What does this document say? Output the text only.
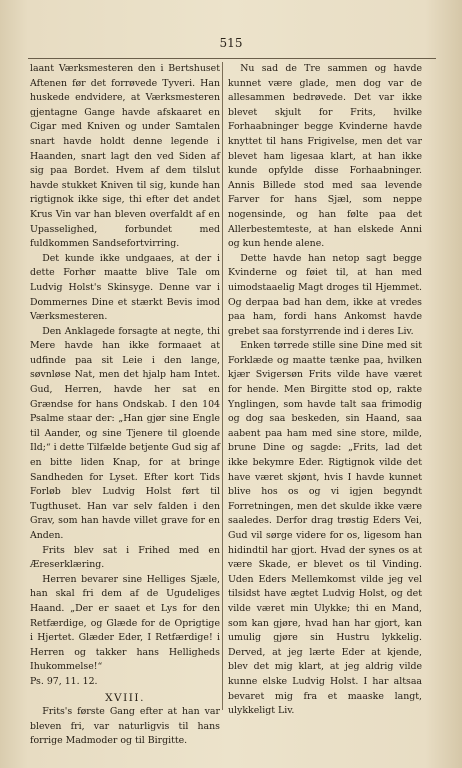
515

laant Værksmesteren den i Bertshuset Aftenen før det forrøvede Tyveri. Han huskede endvidere, at Værksmesteren gjentagne Gange havde afskaaret en Cigar med Kniven og under Samtalen snart havde holdt denne legende i Haanden, snart lagt den ved Siden af sig paa Bordet. Hvem af dem tilslut havde stukket Kniven til sig, kunde han rigtignok ikke sige, thi efter det andet Krus Vin var han bleven overfaldt af en Upasselighed, forbundet med fuldkommen Sandsefortvirring.

Det kunde ikke undgaaes, at der i dette Forhør maatte blive Tale om Ludvig Holst's Skinsyge. Denne var i Dommernes Dine et stærkt Bevis imod Værksmesteren.

Den Anklagede forsagte at negte, thi Mere havde han ikke formaaet at udfinde paa sit Leie i den lange, søvnløse Nat, men det hjalp ham Intet. Gud, Herren, havde her sat en Grændse for hans Ondskab. I den 104 Psalme staar der: „Han gjør sine Engle til Aander, og sine Tjenere til gloende Ild;“ i dette Tilfælde betjente Gud sig af en bitte liden Knap, for at bringe Sandheden for Lyset. Efter kort Tids Forløb blev Ludvig Holst ført til Tugthuset. Han var selv falden i den Grav, som han havde villet grave for en Anden.

Frits blev sat i Frihed med en Æreserklæring.

Herren bevarer sine Helliges Sjæle, han skal fri dem af de Ugudeliges Haand. „Der er saaet et Lys for den Retfærdige, og Glæde for de Oprigtige i Hjertet. Glæder Eder, I Retfærdige! i Herren og takker hans Helligheds Ihukommelse!“

Ps. 97, 11. 12.

XVIII.

Frits's første Gang efter at han var bleven fri, var naturligvis til hans forrige Madmoder og til Birgitte.

Nu sad de Tre sammen og havde kunnet være glade, men dog var de allesammen bedrøvede. Det var ikke blevet skjult for Frits, hvilke Forhaabninger begge Kvinderne havde knyttet til hans Frigivelse, men det var blevet ham ligesaa klart, at han ikke kunde opfylde disse Forhaabninger. Annis Billede stod med saa levende Farver for hans Sjæl, som neppe nogensinde, og han følte paa det Allerbestemteste, at han elskede Anni og kun hende alene.

Dette havde han netop sagt begge Kvinderne og føiet til, at han med uimodstaaelig Magt droges til Hjemmet. Og derpaa bad han dem, ikke at vredes paa ham, fordi hans Ankomst havde grebet saa forstyrrende ind i deres Liv.

Enken tørrede stille sine Dine med sit Forklæde og maatte tænke paa, hvilken kjær Svigersøn Frits vilde have været for hende. Men Birgitte stod op, rakte Ynglingen, som havde talt saa frimodig og dog saa beskeden, sin Haand, saa aabent paa ham med sine store, milde, brune Dine og sagde: „Frits, lad det ikke bekymre Eder. Rigtignok vilde det have været skjønt, hvis I havde kunnet blive hos os og vi igjen begyndt Forretningen, men det skulde ikke være saaledes. Derfor drag trøstig Eders Vei, Gud vil sørge videre for os, ligesom han hidindtil har gjort. Hvad der synes os at være Skade, er blevet os til Vinding. Uden Eders Mellemkomst vilde jeg vel tilsidst have ægtet Ludvig Holst, og det vilde været min Ulykke; thi en Mand, som kan gjøre, hvad han har gjort, kan umulig gjøre sin Hustru lykkelig. Derved, at jeg lærte Eder at kjende, blev det mig klart, at jeg aldrig vilde kunne elske Ludvig Holst. I har altsaa bevaret mig fra et maaske langt, ulykkeligt Liv.
